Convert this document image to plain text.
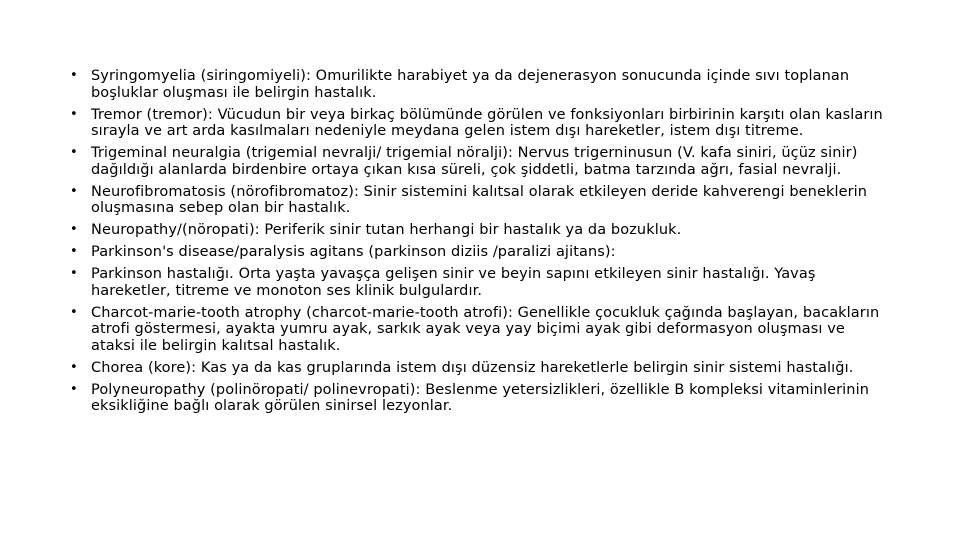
• Syringomyelia (siringomiyeli): Omurilikte harabiyet ya da dejenerasyon sonucunda içinde sıvı toplanan boşluklar oluşması ile belirgin hastalık.
• Tremor (tremor): Vücudun bir veya birkaç bölümünde görülen ve fonksiyonları birbirinin karşıtı olan kasların sırayla ve art arda kasılmaları nedeniyle meydana gelen istem dışı hareketler, istem dışı titreme.
• Trigeminal neuralgia (trigemial nevralji/ trigemial nöralji): Nervus trigerninusun (V. kafa siniri, üçüz sinir) dağıldığı alanlarda birdenbire ortaya çıkan kısa süreli, çok şiddetli, batma tarzında ağrı, fasial nevralji.
• Neurofibromatosis (nörofibromatoz): Sinir sistemini kalıtsal olarak etkileyen deride kahverengi beneklerin oluşmasına sebep olan bir hastalık.
• Neuropathy/(nöropati): Periferik sinir tutan herhangi bir hastalık ya da bozukluk.
• Parkinson's disease/paralysis agitans (parkinson diziis /paralizi ajitans):
• Parkinson hastalığı. Orta yaşta yavaşça gelişen sinir ve beyin sapını etkileyen sinir hastalığı. Yavaş hareketler, titreme ve monoton ses klinik bulgulardır.
• Charcot-marie-tooth atrophy (charcot-marie-tooth atrofi): Genellikle çocukluk çağında başlayan, bacakların atrofi göstermesi, ayakta yumru ayak, sarkık ayak veya yay biçimi ayak gibi deformasyon oluşması ve ataksi ile belirgin kalıtsal hastalık.
• Chorea (kore): Kas ya da kas gruplarında istem dışı düzensiz hareketlerle belirgin sinir sistemi hastalığı.
• Polyneuropathy (polinöropati/ polinevropati): Beslenme yetersizlikleri, özellikle B kompleksi vitaminlerinin eksikliğine bağlı olarak görülen sinirsel lezyonlar.
